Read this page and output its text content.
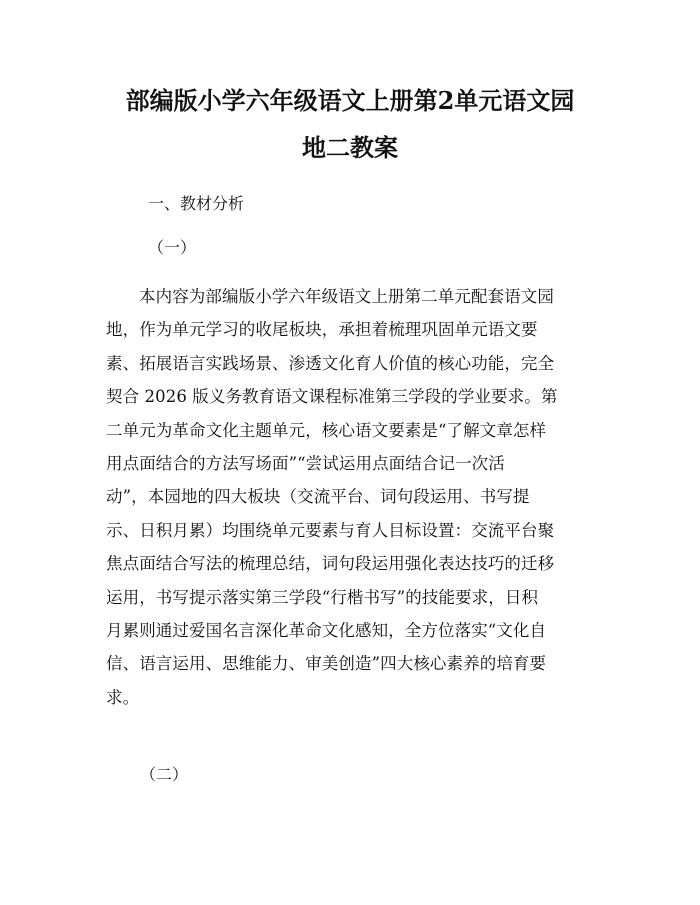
部编版小学六年级语文上册第2单元语文园
地二教案

一、教材分析

（一）

本内容为部编版小学六年级语文上册第二单元配套语文园
地，作为单元学习的收尾板块，承担着梳理巩固单元语文要
素、拓展语言实践场景、渗透文化育人价值的核心功能，完全
契合 2026 版义务教育语文课程标准第三学段的学业要求。第
二单元为革命文化主题单元，核心语文要素是“了解文章怎样
用点面结合的方法写场面”“尝试运用点面结合记一次活
动”，本园地的四大板块（交流平台、词句段运用、书写提
示、日积月累）均围绕单元要素与育人目标设置：交流平台聚
焦点面结合写法的梳理总结，词句段运用强化表达技巧的迁移
运用，书写提示落实第三学段“行楷书写”的技能要求，日积
月累则通过爱国名言深化革命文化感知，全方位落实“文化自
信、语言运用、思维能力、审美创造”四大核心素养的培育要
求。

（二）
